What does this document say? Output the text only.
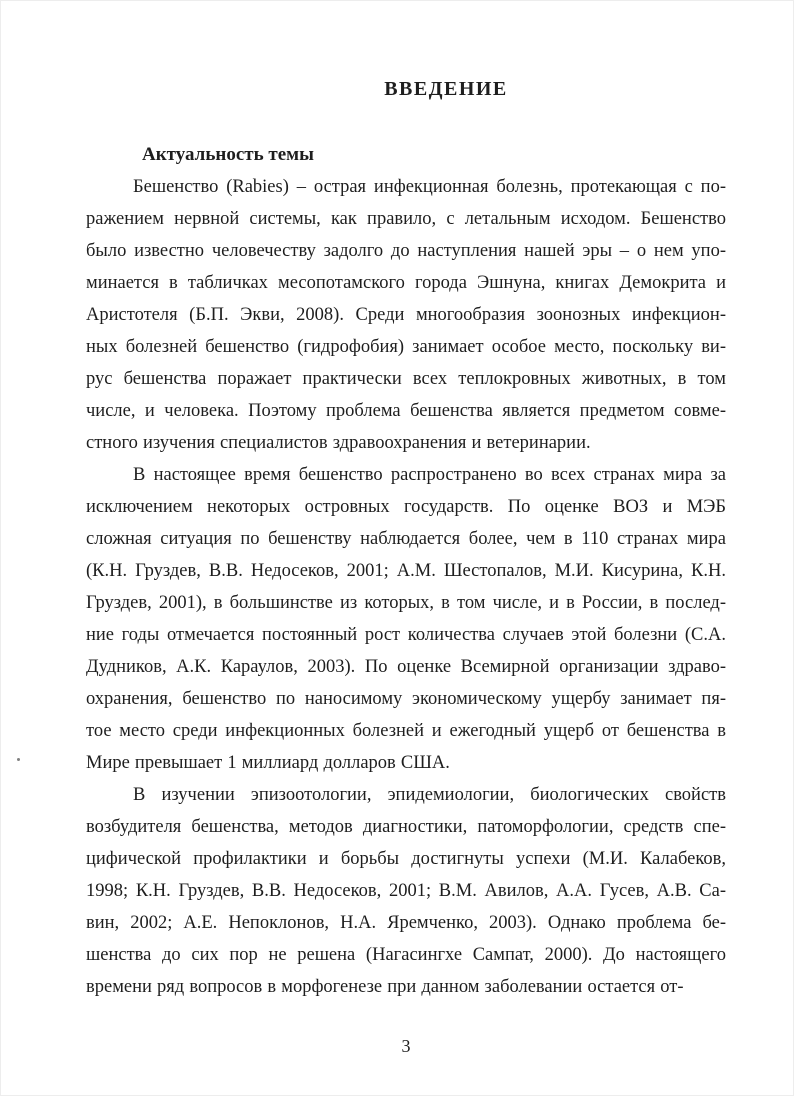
ВВЕДЕНИЕ
Актуальность темы
Бешенство (Rabies) – острая инфекционная болезнь, протекающая с по-
ражением нервной системы, как правило, с летальным исходом. Бешенство
было известно человечеству задолго до наступления нашей эры – о нем упо-
минается в табличках месопотамского города Эшнуна, книгах Демокрита и
Аристотеля (Б.П. Экви, 2008). Среди многообразия зоонозных инфекцион-
ных болезней бешенство (гидрофобия) занимает особое место, поскольку ви-
рус бешенства поражает практически всех теплокровных животных, в том
числе, и человека. Поэтому проблема бешенства является предметом совме-
стного изучения специалистов здравоохранения и ветеринарии.
В настоящее время бешенство распространено во всех странах мира за
исключением некоторых островных государств. По оценке ВОЗ и МЭБ
сложная ситуация по бешенству наблюдается более, чем в 110 странах мира
(К.Н. Груздев, В.В. Недосеков, 2001; А.М. Шестопалов, М.И. Кисурина, К.Н.
Груздев, 2001), в большинстве из которых, в том числе, и в России, в послед-
ние годы отмечается постоянный рост количества случаев этой болезни (С.А.
Дудников, А.К. Караулов, 2003). По оценке Всемирной организации здраво-
охранения, бешенство по наносимому экономическому ущербу занимает пя-
тое место среди инфекционных болезней и ежегодный ущерб от бешенства в
Мире превышает 1 миллиард долларов США.
В изучении эпизоотологии, эпидемиологии, биологических свойств
возбудителя бешенства, методов диагностики, патоморфологии, средств спе-
цифической профилактики и борьбы достигнуты успехи (М.И. Калабеков,
1998; К.Н. Груздев, В.В. Недосеков, 2001; В.М. Авилов, А.А. Гусев, А.В. Са-
вин, 2002; А.Е. Непоклонов, Н.А. Яремченко, 2003). Однако проблема бе-
шенства до сих пор не решена (Нагасингхе Сампат, 2000). До настоящего
времени ряд вопросов в морфогенезе при данном заболевании остается от-
3
